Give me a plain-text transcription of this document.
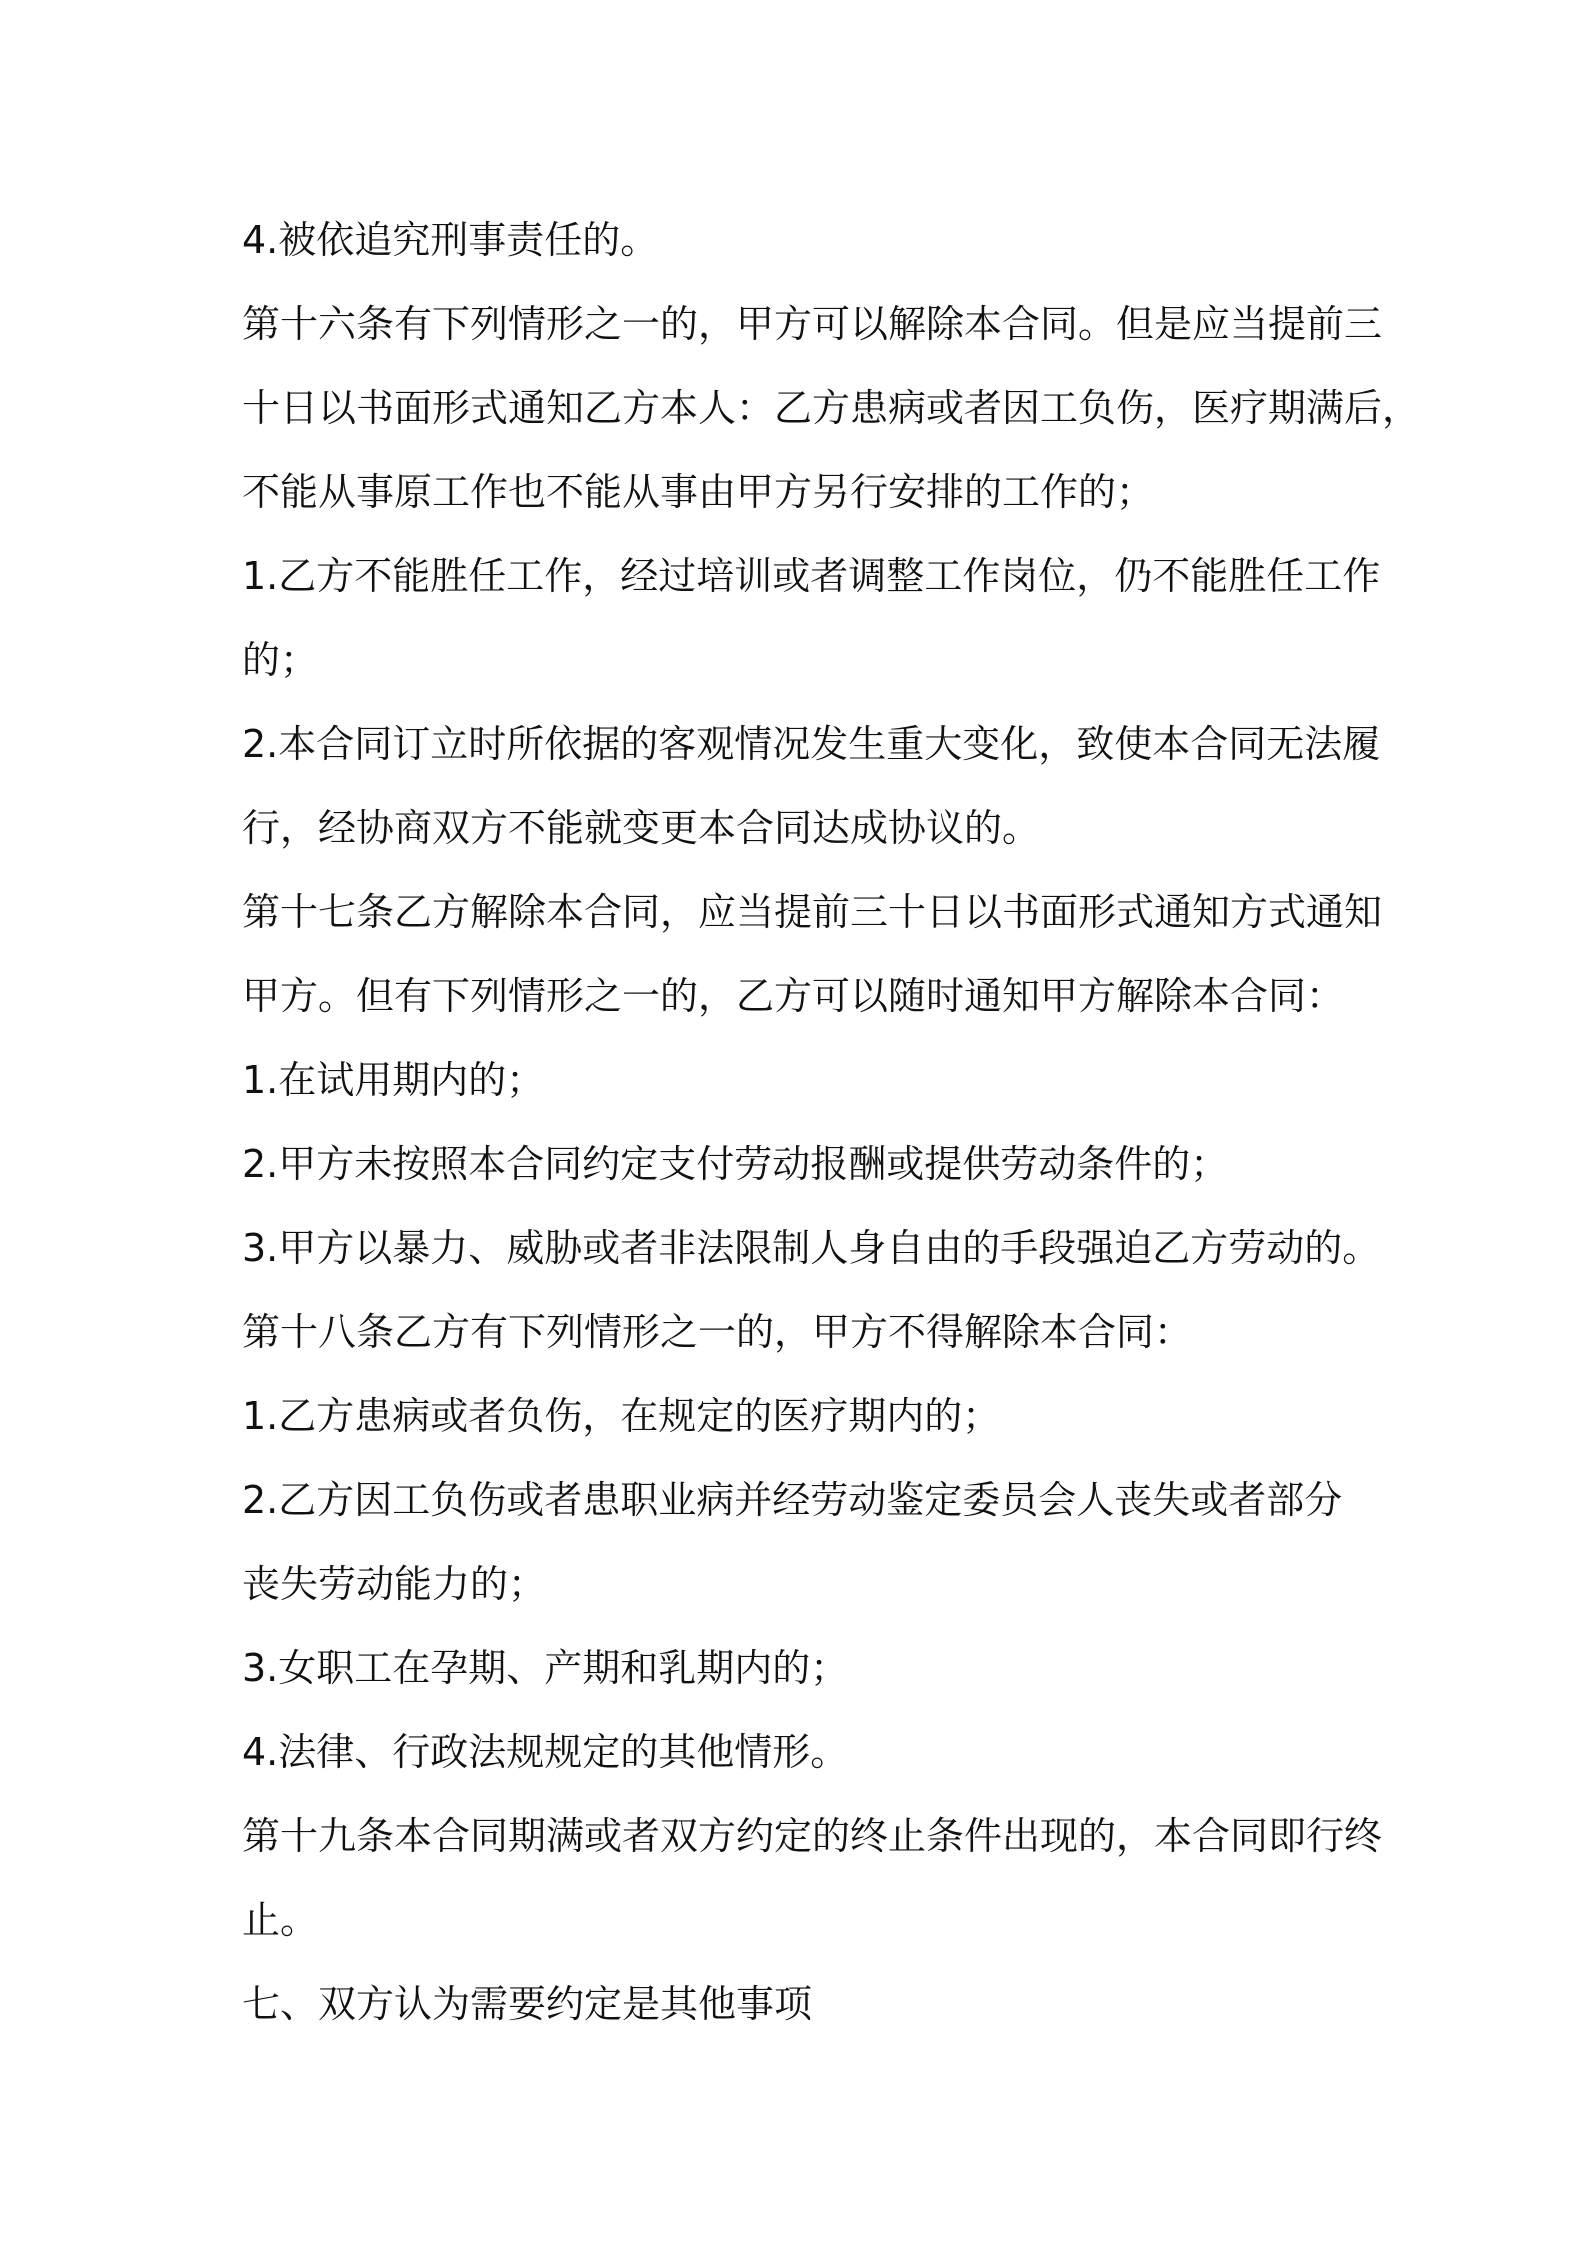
4.被依追究刑事责任的。
第十六条有下列情形之一的，甲方可以解除本合同。但是应当提前三
十日以书面形式通知乙方本人：乙方患病或者因工负伤，医疗期满后，
不能从事原工作也不能从事由甲方另行安排的工作的；
1.乙方不能胜任工作，经过培训或者调整工作岗位，仍不能胜任工作
的；
2.本合同订立时所依据的客观情况发生重大变化，致使本合同无法履
行，经协商双方不能就变更本合同达成协议的。
第十七条乙方解除本合同，应当提前三十日以书面形式通知方式通知
甲方。但有下列情形之一的，乙方可以随时通知甲方解除本合同：
1.在试用期内的；
2.甲方未按照本合同约定支付劳动报酬或提供劳动条件的；
3.甲方以暴力、威胁或者非法限制人身自由的手段强迫乙方劳动的。
第十八条乙方有下列情形之一的，甲方不得解除本合同：
1.乙方患病或者负伤，在规定的医疗期内的；
2.乙方因工负伤或者患职业病并经劳动鉴定委员会人丧失或者部分
丧失劳动能力的；
3.女职工在孕期、产期和乳期内的；
4.法律、行政法规规定的其他情形。
第十九条本合同期满或者双方约定的终止条件出现的，本合同即行终
止。
七、双方认为需要约定是其他事项
